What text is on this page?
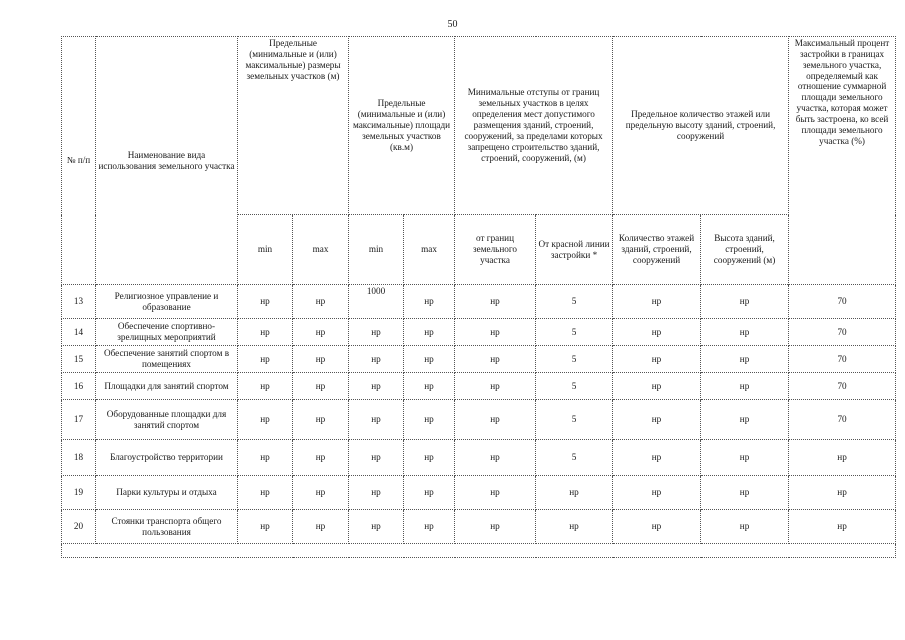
50
№ п/п	Наименование вида использования земельного участка	Предельные (минимальные и (или) максимальные) размеры земельных участков (м)		Предельные (минимальные и (или) максимальные) площади земельных участков (кв.м)		Минимальные отступы от границ земельных участков в целях определения мест допустимого размещения зданий, строений, сооружений, за пределами которых запрещено строительство зданий, строений, сооружений, (м)		Предельное количество этажей или предельную высоту зданий, строений, сооружений		Максимальный процент застройки в границах земельного участка, определяемый как отношение суммарной площади земельного участка, которая может быть застроена, ко всей площади земельного участка (%)
		min	max	min	max	от границ земельного участка	От красной линии застройки *	Количество этажей зданий, строений, сооружений	Высота зданий, строений, сооружений (м)	
13	Религиозное управление и образование	нр	нр	1000	нр	нр	5	нр	нр	70
14	Обеспечение спортивно-зрелищных мероприятий	нр	нр	нр	нр	нр	5	нр	нр	70
15	Обеспечение занятий спортом в помещениях	нр	нр	нр	нр	нр	5	нр	нр	70
16	Площадки для занятий спортом	нр	нр	нр	нр	нр	5	нр	нр	70
17	Оборудованные площадки для занятий спортом	нр	нр	нр	нр	нр	5	нр	нр	70
18	Благоустройство территории	нр	нр	нр	нр	нр	5	нр	нр	нр
19	Парки культуры и отдыха	нр	нр	нр	нр	нр	нр	нр	нр	нр
20	Стоянки транспорта общего пользования	нр	нр	нр	нр	нр	нр	нр	нр	нр
